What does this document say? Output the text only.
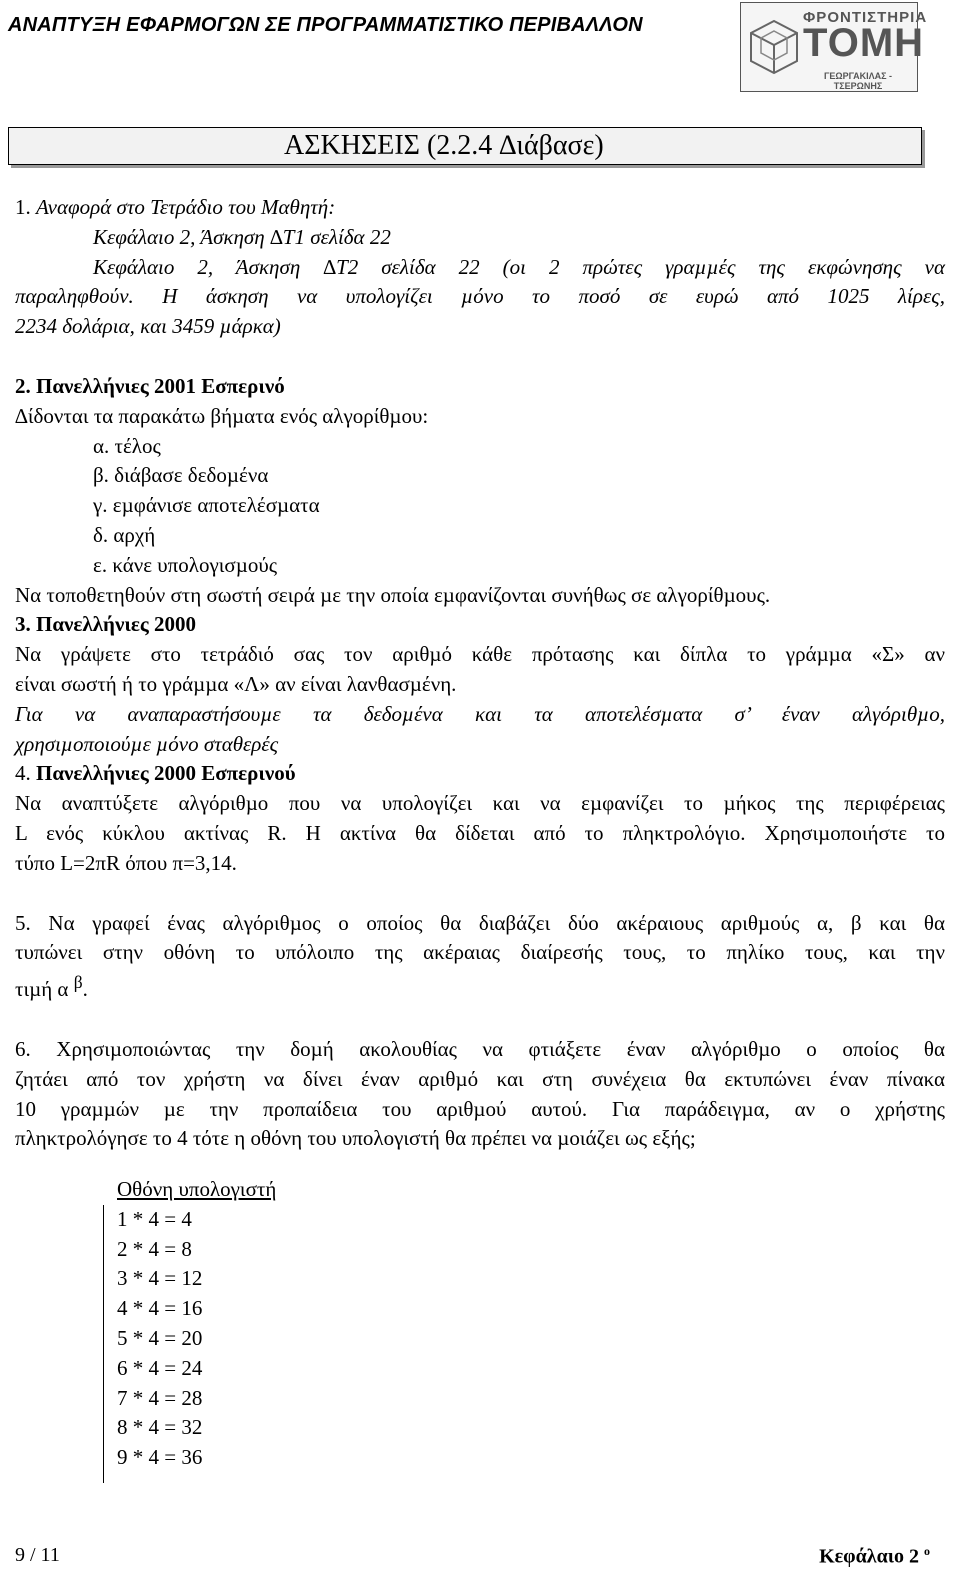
ΑΝΑΠΤΥΞΗ ΕΦΑΡΜΟΓΩΝ ΣΕ ΠΡΟΓΡΑΜΜΑΤΙΣΤΙΚΟ ΠΕΡΙΒΑΛΛΟΝ	ΦΡΟΝΤΙΣΤΗΡΙΑ
ΤΟΜΗ
ΓΕΩΡΓΑΚΙΛΑΣ - ΤΣΕΡΩΝΗΣ
ΑΣΚΗΣΕΙΣ (2.2.4 ∆ιάβασε)

1. Αναφορά στο Τετράδιο του Μαθητή:

Κεφάλαιο 2, Άσκηση ∆Τ1 σελίδα 22

Κεφάλαιο 2, Άσκηση ∆Τ2 σελίδα 22 (οι 2 πρώτες γραµµές της εκφώνησης να

παραληφθούν. Η άσκηση να υπολογίζει µόνο το ποσό σε ευρώ από 1025 λίρες,

2234 δολάρια, και 3459 µάρκα)

2. Πανελλήνιες 2001 Εσπερινό

∆ίδονται τα παρακάτω βήµατα ενός αλγορίθµου:

α. τέλος

β. διάβασε δεδοµένα

γ. εµφάνισε αποτελέσµατα

δ. αρχή

ε. κάνε υπολογισµούς

Να τοποθετηθούν στη σωστή σειρά µε την οποία εµφανίζονται συνήθως σε αλγορίθµους.

3. Πανελλήνιες 2000

Να γράψετε στο τετράδιό σας τον αριθµό κάθε πρότασης και δίπλα το γράµµα «Σ» αν

είναι σωστή ή το γράµµα «Λ» αν είναι λανθασµένη.

Για να αναπαραστήσουµε τα δεδοµένα και τα αποτελέσµατα σ’ έναν αλγόριθµο,

χρησιµοποιούµε µόνο σταθερές

4. Πανελλήνιες 2000 Εσπερινού

Να αναπτύξετε αλγόριθµο που να υπολογίζει και να εµφανίζει το µήκος της περιφέρειας

L ενός κύκλου ακτίνας R. Η ακτίνα θα δίδεται από το πληκτρολόγιο. Χρησιµοποιήστε το

τύπο L=2πR όπου π=3,14.

5. Να γραφεί ένας αλγόριθµος ο οποίος θα διαβάζει δύο ακέραιους αριθµούς α, β και θα

τυπώνει στην οθόνη το υπόλοιπο της ακέραιας διαίρεσής τους, το πηλίκο τους, και την

τιµή α $^\beta$.

6. Χρησιµοποιώντας την δοµή ακολουθίας να φτιάξετε έναν αλγόριθµο ο οποίος θα

ζητάει από τον χρήστη να δίνει έναν αριθµό και στη συνέχεια θα εκτυπώνει έναν πίνακα

10 γραµµών µε την προπαίδεια του αριθµού αυτού. Για παράδειγµα, αν ο χρήστης

πληκτρολόγησε το 4 τότε η οθόνη του υπολογιστή θα πρέπει να µοιάζει ως εξής;

Οθόνη υπολογιστή
1 * 4 = 4
2 * 4 = 8
3 * 4 = 12
4 * 4 = 16
5 * 4 = 20
6 * 4 = 24
7 * 4 = 28
8 * 4 = 32
9 * 4 = 36
9 / 11	Κεφάλαιο 2 $^o$
